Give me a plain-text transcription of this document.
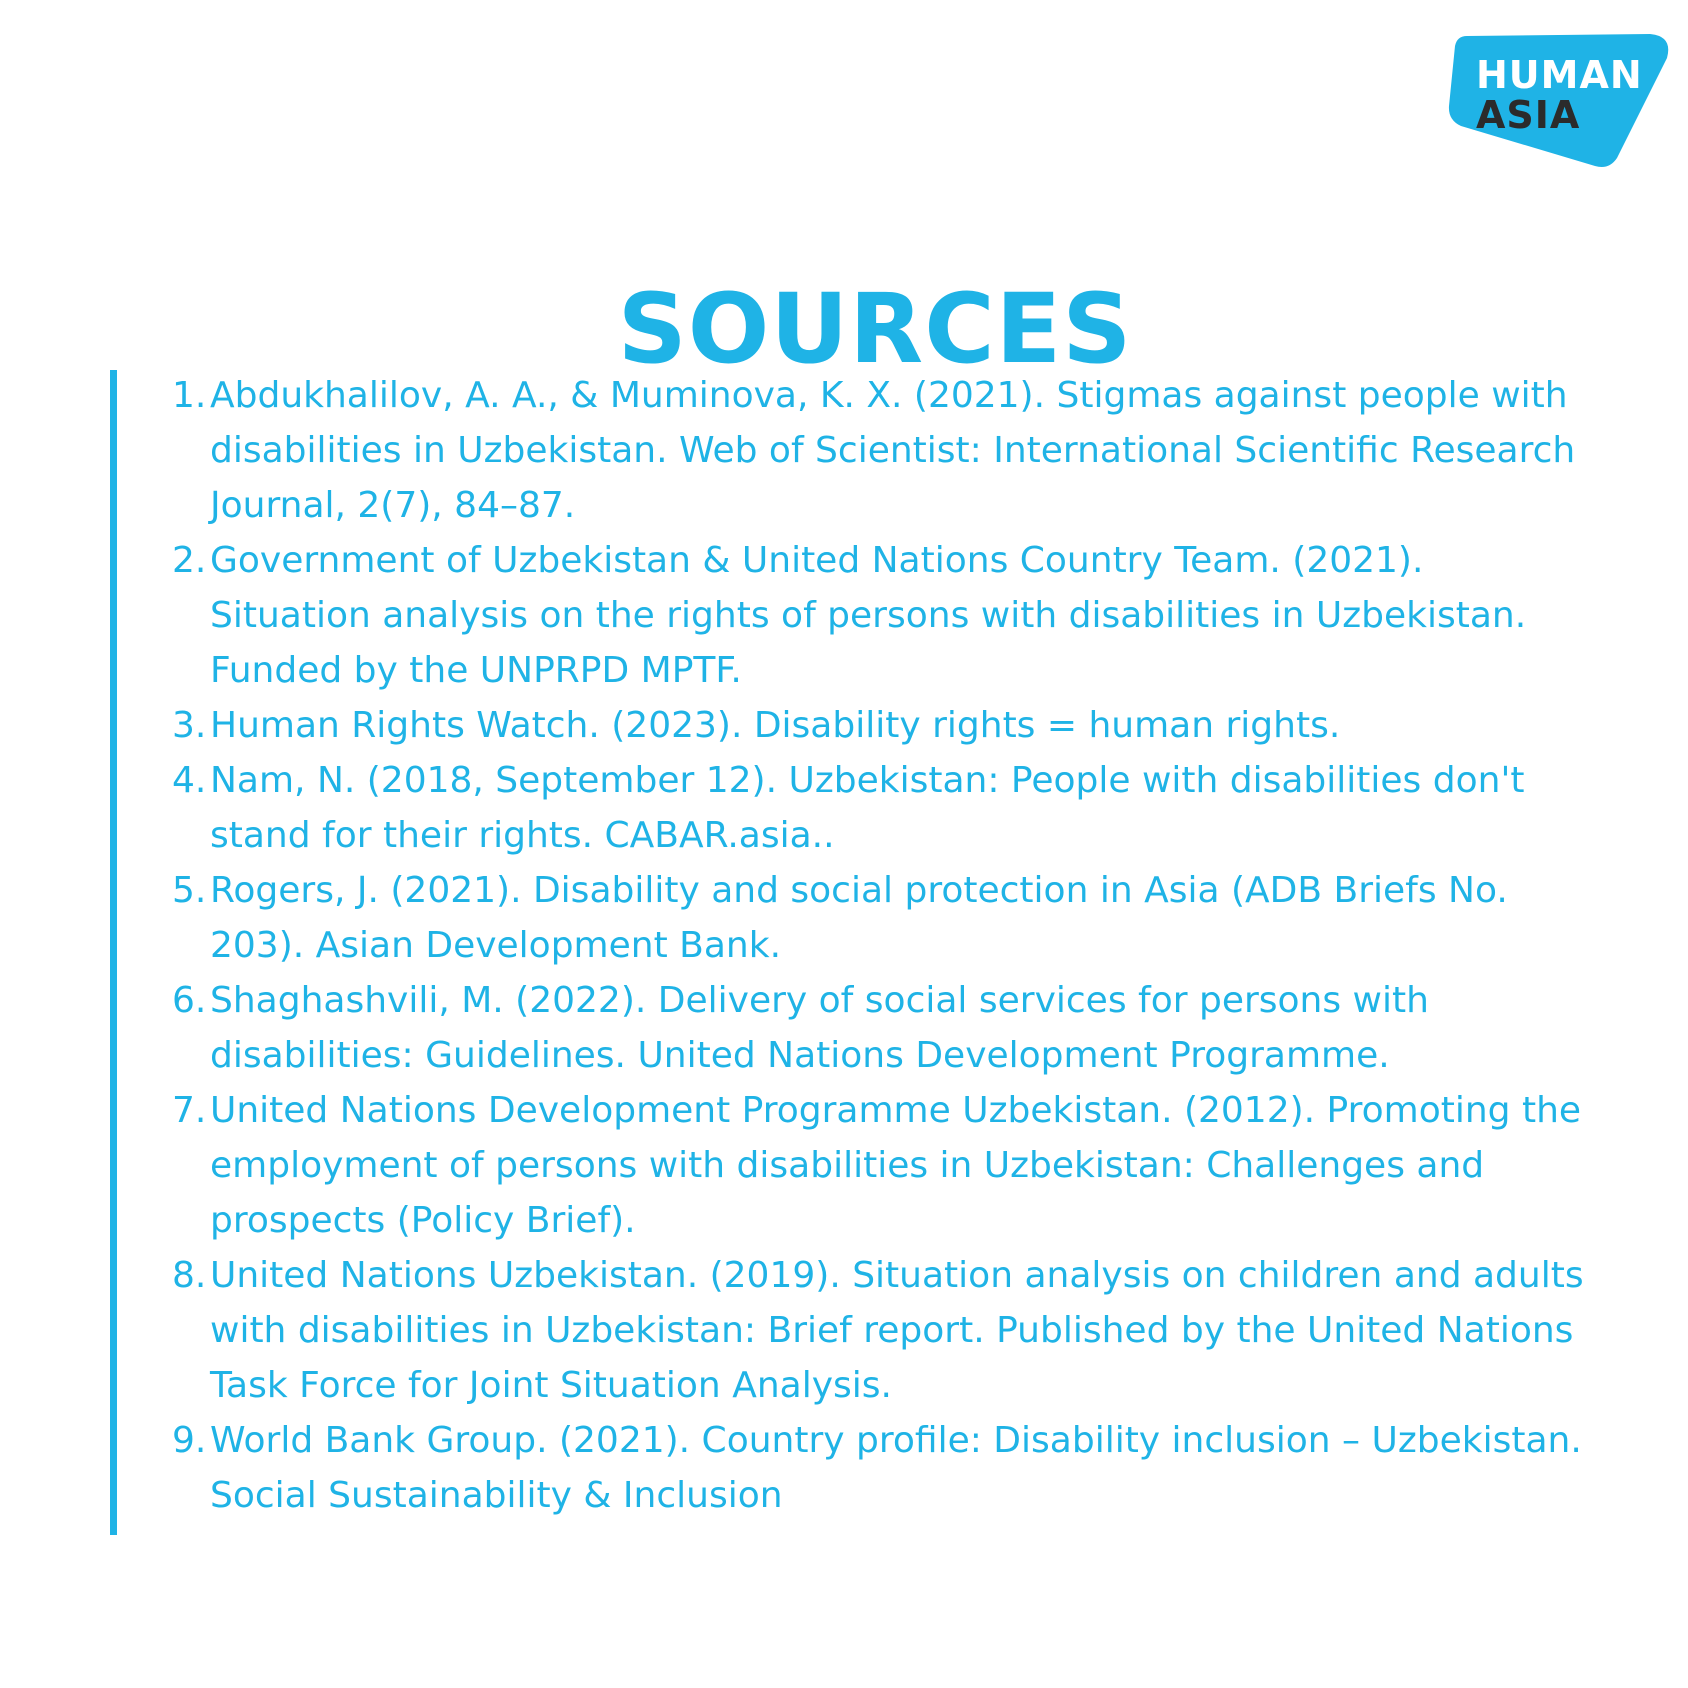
HUMAN
ASIA
SOURCES
1. Abdukhalilov, A. A., & Muminova, K. X. (2021). Stigmas against people with disabilities in Uzbekistan. Web of Scientist: International Scientific Research Journal, 2(7), 84–87.
2. Government of Uzbekistan & United Nations Country Team. (2021). Situation analysis on the rights of persons with disabilities in Uzbekistan. Funded by the UNPRPD MPTF.
3. Human Rights Watch. (2023). Disability rights = human rights.
4. Nam, N. (2018, September 12). Uzbekistan: People with disabilities don't stand for their rights. CABAR.asia..
5. Rogers, J. (2021). Disability and social protection in Asia (ADB Briefs No. 203). Asian Development Bank.
6. Shaghashvili, M. (2022). Delivery of social services for persons with disabilities: Guidelines. United Nations Development Programme.
7. United Nations Development Programme Uzbekistan. (2012). Promoting the employment of persons with disabilities in Uzbekistan: Challenges and prospects (Policy Brief).
8. United Nations Uzbekistan. (2019). Situation analysis on children and adults with disabilities in Uzbekistan: Brief report. Published by the United Nations Task Force for Joint Situation Analysis.
9. World Bank Group. (2021). Country profile: Disability inclusion – Uzbekistan. Social Sustainability & Inclusion
